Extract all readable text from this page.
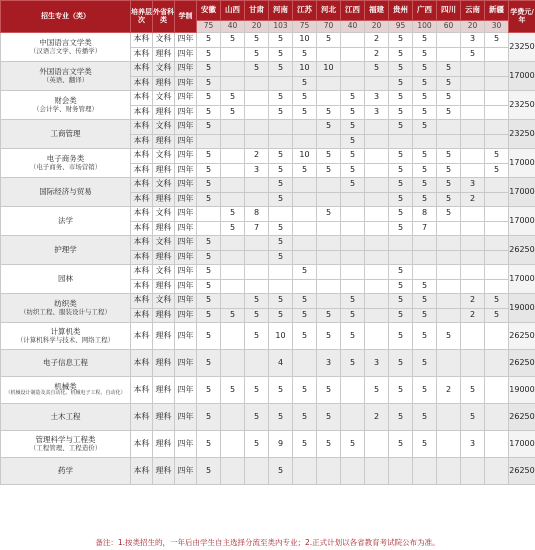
招生专业（类）	培养层次	外省科类	学制	安徽	山西	甘肃	河南	江苏	河北	江西	福建	贵州	广西	四川	云南	新疆	学费元/年
				75	40	20	103	75	70	40	20	95	100	60	20	30	

中国语言文学类
（汉语言文学、传播学）	本科	文科	四年	5	5	5	5	10	5		2	5	5		3	5	23250
	本科	理科	四年	5		5	5	5			2	5	5		5		

外国语言文学类
（英语、翻译）	本科	文科	四年	5		5	5	10	10		5	5	5	5			17000
	本科	理科	四年	5				5				5	5	5			

财会类
（会计学、财务管理）	本科	文科	四年	5	5		5	5		5	3	5	5	5			23250
	本科	理科	四年	5	5		5	5	5	5	3	5	5	5			

工商管理	本科	文科	四年	5					5	5		5	5				23250
	本科	理科	四年							5							

电子商务类
（电子商务、市场营销）	本科	文科	四年	5		2	5	10	5	5		5	5	5		5	17000
	本科	理科	四年	5		3	5	5	5	5		5	5	5		5	

国际经济与贸易	本科	文科	四年	5			5			5		5	5	5	3		17000
	本科	理科	四年	5			5					5	5	5	2		

法学	本科	文科	四年		5	8			5			5	8	5			17000
	本科	理科	四年		5	7	5					5	7				

护理学	本科	文科	四年	5			5										26250
	本科	理科	四年	5			5										

园林	本科	文科	四年	5				5				5					17000
	本科	理科	四年	5								5	5				

纺织类
（纺织工程、服装设计与工程）	本科	文科	四年	5		5	5	5		5		5	5		2	5	19000
	本科	理科	四年	5	5	5	5	5	5	5		5	5		2	5	

计算机类
（计算机科学与技术、网络工程）	本科	理科	四年	5		5	10	5	5	5		5	5	5			26250

电子信息工程	本科	理科	四年	5			4		3	5	3	5	5				26250

机械类
（机械设计制造及其自动化、机械电子工程、自动化）	本科	理科	四年	5	5	5	5	5	5		5	5	5	2	5		19000

土木工程	本科	理科	四年	5		5	5	5	5		2	5	5		5		26250

管理科学与工程类
（工程管理、工程造价）	本科	理科	四年	5		5	9	5	5	5		5	5		3		17000

药学	本科	理科	四年	5			5										26250
备注：1.按类招生的，一年后由学生自主选择分流至类内专业；2.正式计划以各省教育考试院公布为准。
